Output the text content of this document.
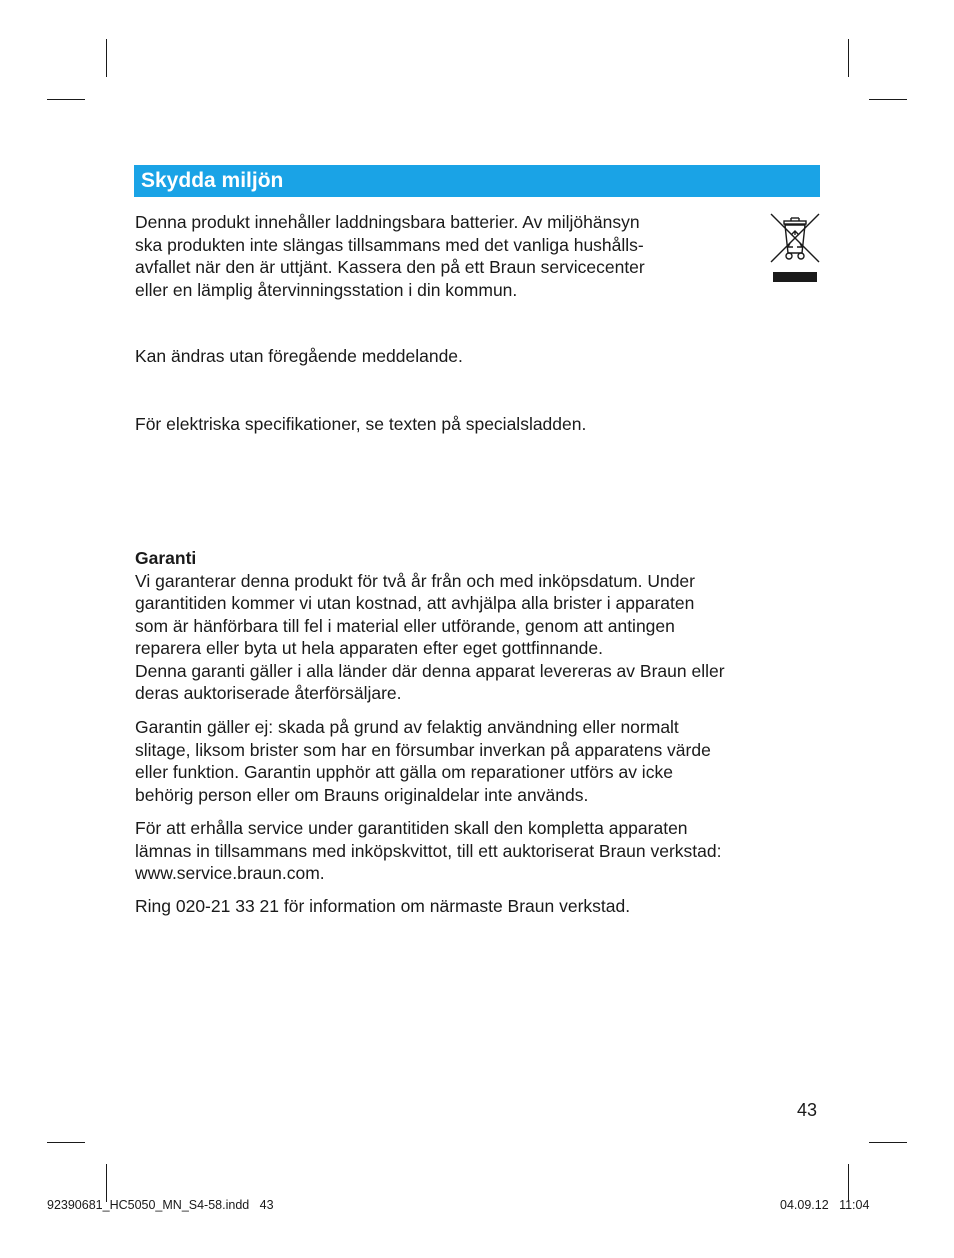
Skydda miljön

Denna produkt innehåller laddningsbara batterier. Av miljöhänsyn
ska produkten inte slängas tillsammans med det vanliga hushålls-
avfallet när den är uttjänt. Kassera den på ett Braun servicecenter
eller en lämplig återvinningsstation i din kommun.

Kan ändras utan föregående meddelande.

För elektriska specifikationer, se texten på specialsladden.

Garanti
Vi garanterar denna produkt för två år från och med inköpsdatum. Under
garantitiden kommer vi utan kostnad, att avhjälpa alla brister i apparaten
som är hänförbara till fel i material eller utförande, genom att antingen
reparera eller byta ut hela apparaten efter eget gottfinnande.
Denna garanti gäller i alla länder där denna apparat levereras av Braun eller
deras auktoriserade återförsäljare.

Garantin gäller ej: skada på grund av felaktig användning eller normalt
slitage, liksom brister som har en försumbar inverkan på apparatens värde
eller funktion. Garantin upphör att gälla om reparationer utförs av icke
behörig person eller om Brauns originaldelar inte används.

För att erhålla service under garantitiden skall den kompletta apparaten
lämnas in tillsammans med inköpskvittot, till ett auktoriserat Braun verkstad:
www.service.braun.com.

Ring 020-21 33 21 för information om närmaste Braun verkstad.

43
92390681_HC5050_MN_S4-58.indd   43	04.09.12   11:04
